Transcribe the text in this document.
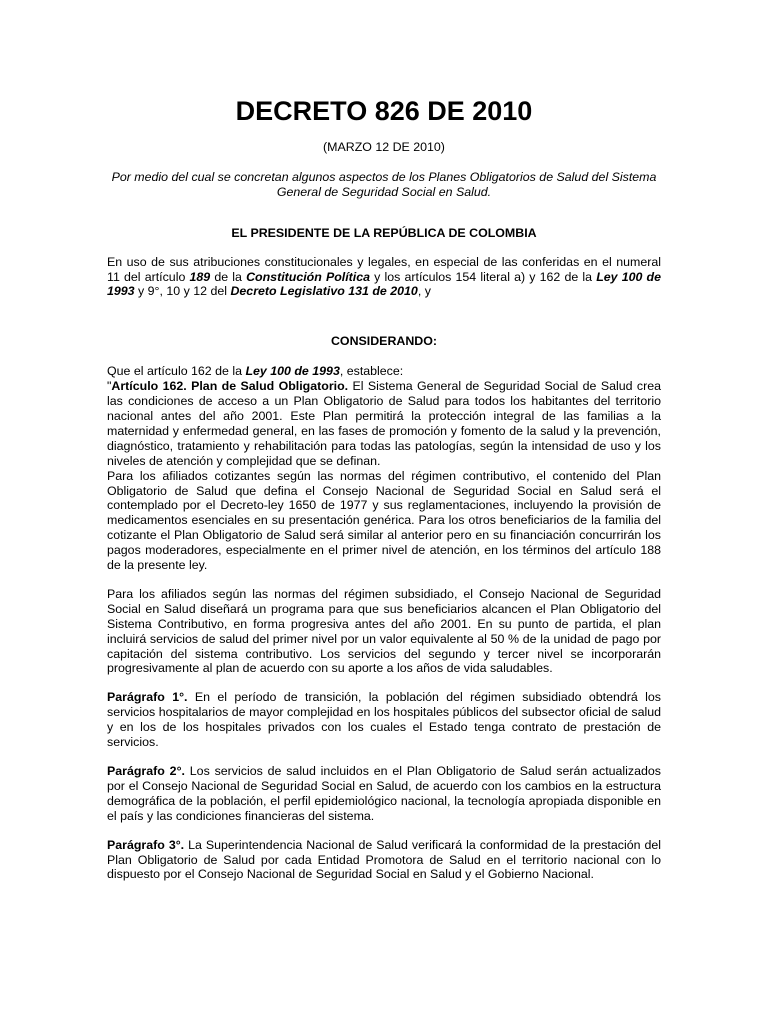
DECRETO 826 DE 2010
(MARZO 12 DE 2010)
Por medio del cual se concretan algunos aspectos de los Planes Obligatorios de Salud del Sistema General de Seguridad Social en Salud.
EL PRESIDENTE DE LA REPÚBLICA DE COLOMBIA

En uso de sus atribuciones constitucionales y legales, en especial de las conferidas en el numeral 11 del artículo 189 de la Constitución Política y los artículos 154 literal a) y 162 de la Ley 100 de 1993 y 9°, 10 y 12 del Decreto Legislativo 131 de 2010, y

CONSIDERANDO:
Que el artículo 162 de la Ley 100 de 1993, establece:

"Artículo 162. Plan de Salud Obligatorio. El Sistema General de Seguridad Social de Salud crea las condiciones de acceso a un Plan Obligatorio de Salud para todos los habitantes del territorio nacional antes del año 2001. Este Plan permitirá la protección integral de las familias a la maternidad y enfermedad general, en las fases de promoción y fomento de la salud y la prevención, diagnóstico, tratamiento y rehabilitación para todas las patologías, según la intensidad de uso y los niveles de atención y complejidad que se definan.

Para los afiliados cotizantes según las normas del régimen contributivo, el contenido del Plan Obligatorio de Salud que defina el Consejo Nacional de Seguridad Social en Salud será el contemplado por el Decreto-ley 1650 de 1977 y sus reglamentaciones, incluyendo la provisión de medicamentos esenciales en su presentación genérica. Para los otros beneficiarios de la familia del cotizante el Plan Obligatorio de Salud será similar al anterior pero en su financiación concurrirán los pagos moderadores, especialmente en el primer nivel de atención, en los términos del artículo 188 de la presente ley.

Para los afiliados según las normas del régimen subsidiado, el Consejo Nacional de Seguridad Social en Salud diseñará un programa para que sus beneficiarios alcancen el Plan Obligatorio del Sistema Contributivo, en forma progresiva antes del año 2001. En su punto de partida, el plan incluirá servicios de salud del primer nivel por un valor equivalente al 50 % de la unidad de pago por capitación del sistema contributivo. Los servicios del segundo y tercer nivel se incorporarán progresivamente al plan de acuerdo con su aporte a los años de vida saludables.

Parágrafo 1°. En el período de transición, la población del régimen subsidiado obtendrá los servicios hospitalarios de mayor complejidad en los hospitales públicos del subsector oficial de salud y en los de los hospitales privados con los cuales el Estado tenga contrato de prestación de servicios.

Parágrafo 2°. Los servicios de salud incluidos en el Plan Obligatorio de Salud serán actualizados por el Consejo Nacional de Seguridad Social en Salud, de acuerdo con los cambios en la estructura demográfica de la población, el perfil epidemiológico nacional, la tecnología apropiada disponible en el país y las condiciones financieras del sistema.

Parágrafo 3°. La Superintendencia Nacional de Salud verificará la conformidad de la prestación del Plan Obligatorio de Salud por cada Entidad Promotora de Salud en el territorio nacional con lo dispuesto por el Consejo Nacional de Seguridad Social en Salud y el Gobierno Nacional.
